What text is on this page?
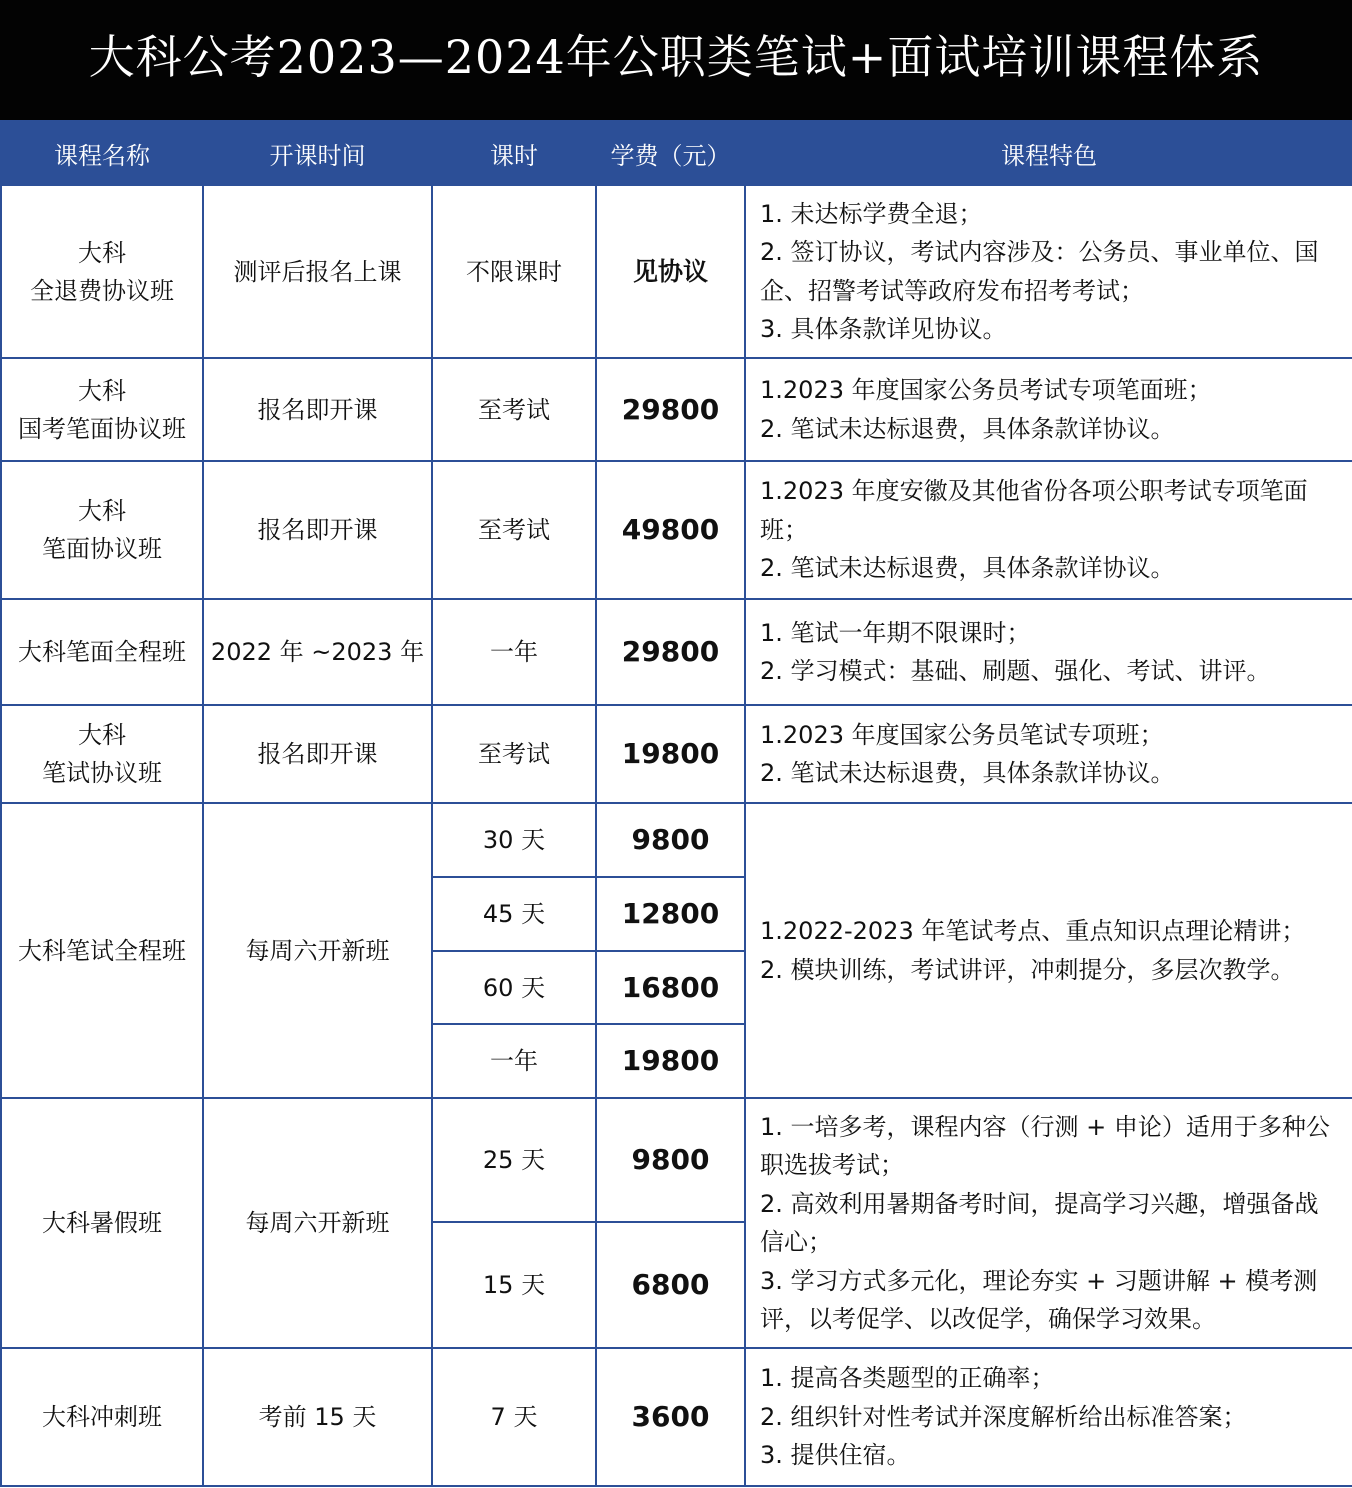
大科公考2023—2024年公职类笔试+面试培训课程体系
课程名称	开课时间	课时	学费（元）	课程特色

大科
全退费协议班	测评后报名上课	不限课时	见协议	1. 未达标学费全退；
2. 签订协议，考试内容涉及：公务员、事业单位、国企、招警考试等政府发布招考考试；
3. 具体条款详见协议。

大科
国考笔面协议班	报名即开课	至考试	29800	1.2023 年度国家公务员考试专项笔面班；
2. 笔试未达标退费，具体条款详协议。

大科
笔面协议班	报名即开课	至考试	49800	1.2023 年度安徽及其他省份各项公职考试专项笔面班；
2. 笔试未达标退费，具体条款详协议。

大科笔面全程班	2022 年 ~2023 年	一年	29800	1. 笔试一年期不限课时；
2. 学习模式：基础、刷题、强化、考试、讲评。

大科
笔试协议班	报名即开课	至考试	19800	1.2023 年度国家公务员笔试专项班；
2. 笔试未达标退费，具体条款详协议。

大科笔试全程班	每周六开新班	30 天	9800	1.2022-2023 年笔试考点、重点知识点理论精讲；
2. 模块训练，考试讲评，冲刺提分，多层次教学。

		45 天	12800	
		60 天	16800	
		一年	19800	
大科暑假班	每周六开新班	25 天	9800	1. 一培多考，课程内容（行测 + 申论）适用于多种公职选拔考试；
2. 高效利用暑期备考时间，提高学习兴趣，增强备战信心；
3. 学习方式多元化，理论夯实 + 习题讲解 + 模考测评，以考促学、以改促学，确保学习效果。

		15 天	6800	
大科冲刺班	考前 15 天	7 天	3600	1. 提高各类题型的正确率；
2. 组织针对性考试并深度解析给出标准答案；
3. 提供住宿。
